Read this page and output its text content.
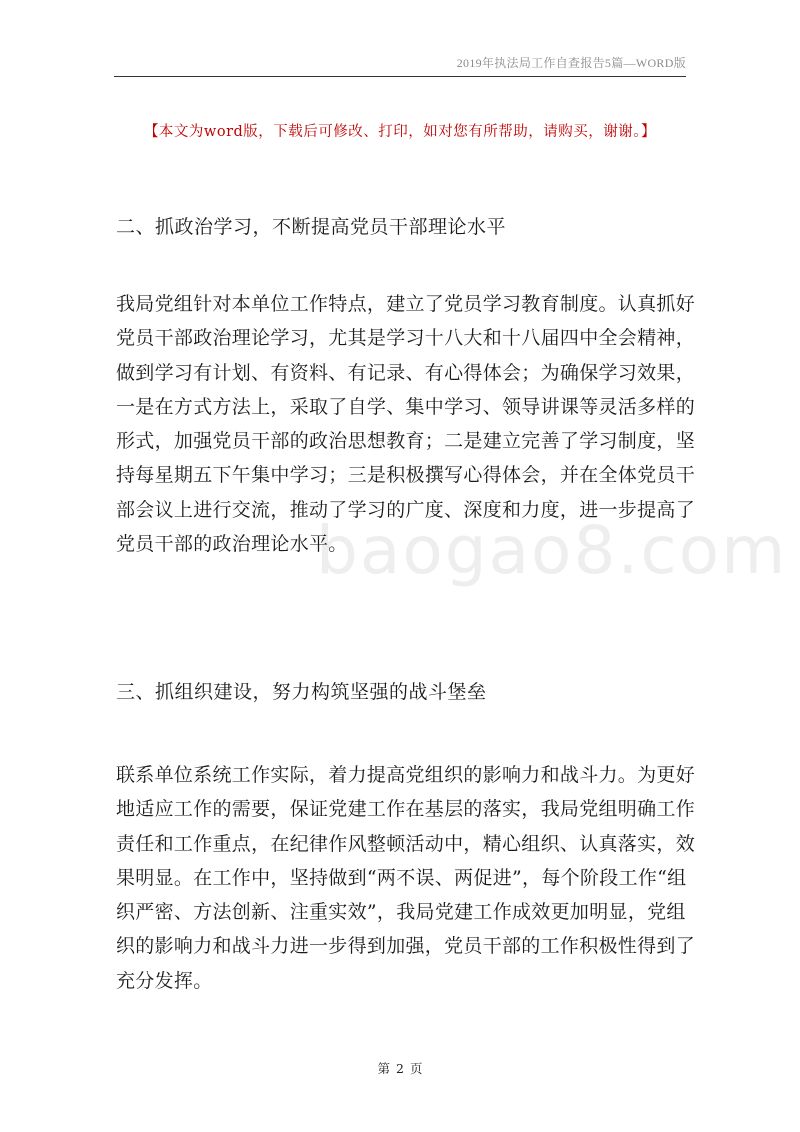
2019年执法局工作自查报告5篇—WORD版
【本文为word版，下载后可修改、打印，如对您有所帮助，请购买，谢谢。】
baogao8.com
二、抓政治学习，不断提高党员干部理论水平
我局党组针对本单位工作特点，建立了党员学习教育制度。认真抓好
党员干部政治理论学习，尤其是学习十八大和十八届四中全会精神，
做到学习有计划、有资料、有记录、有心得体会；为确保学习效果，
一是在方式方法上，采取了自学、集中学习、领导讲课等灵活多样的
形式，加强党员干部的政治思想教育；二是建立完善了学习制度，坚
持每星期五下午集中学习；三是积极撰写心得体会，并在全体党员干
部会议上进行交流，推动了学习的广度、深度和力度，进一步提高了
党员干部的政治理论水平。
三、抓组织建设，努力构筑坚强的战斗堡垒
联系单位系统工作实际，着力提高党组织的影响力和战斗力。为更好
地适应工作的需要，保证党建工作在基层的落实，我局党组明确工作
责任和工作重点，在纪律作风整顿活动中，精心组织、认真落实，效
果明显。在工作中，坚持做到“两不误、两促进”，每个阶段工作“组
织严密、方法创新、注重实效”，我局党建工作成效更加明显，党组
织的影响力和战斗力进一步得到加强，党员干部的工作积极性得到了
充分发挥。
第 2 页
